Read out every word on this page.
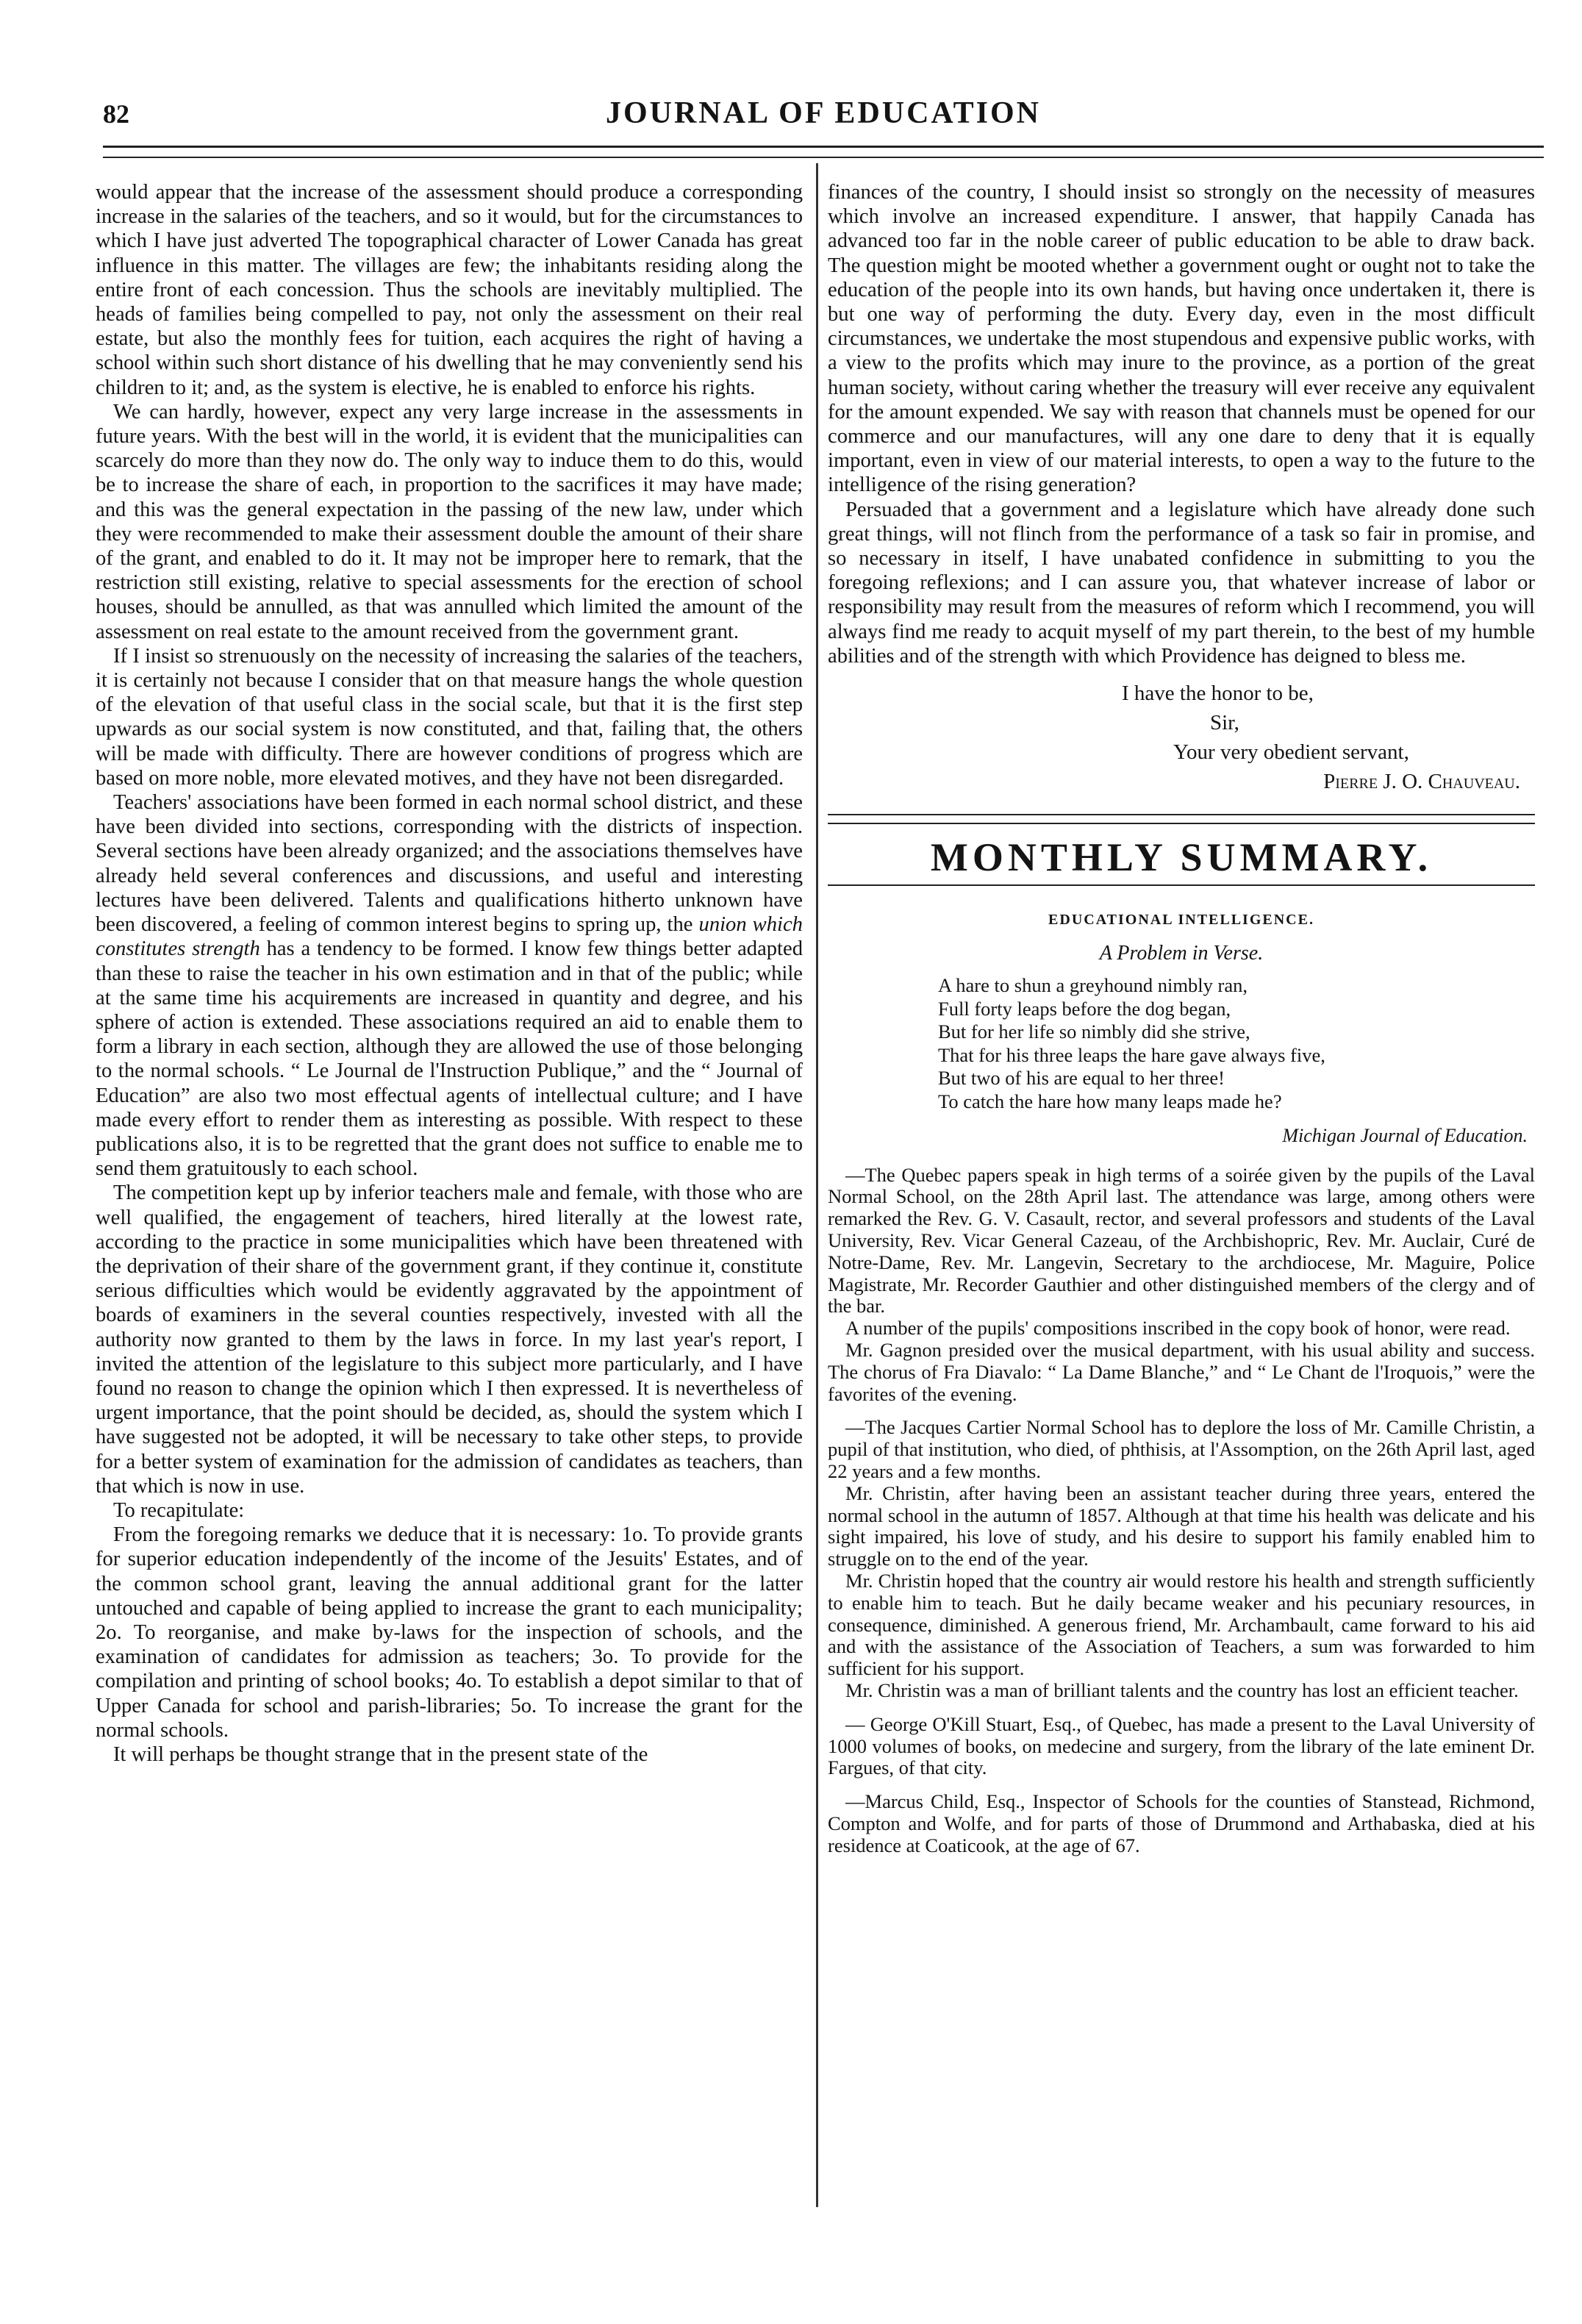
82	JOURNAL OF EDUCATION

would appear that the increase of the assessment should produce a corresponding increase in the salaries of the teachers, and so it would, but for the circumstances to which I have just adverted The topographical character of Lower Canada has great influence in this matter. The villages are few; the inhabitants residing along the entire front of each concession. Thus the schools are inevitably multiplied. The heads of families being compelled to pay, not only the assessment on their real estate, but also the monthly fees for tuition, each acquires the right of having a school within such short distance of his dwelling that he may conveniently send his children to it; and, as the system is elective, he is enabled to enforce his rights.

We can hardly, however, expect any very large increase in the assessments in future years. With the best will in the world, it is evident that the municipalities can scarcely do more than they now do. The only way to induce them to do this, would be to increase the share of each, in proportion to the sacrifices it may have made; and this was the general expectation in the passing of the new law, under which they were recommended to make their assessment double the amount of their share of the grant, and enabled to do it. It may not be improper here to remark, that the restriction still existing, relative to special assessments for the erection of school houses, should be annulled, as that was annulled which limited the amount of the assessment on real estate to the amount received from the government grant.

If I insist so strenuously on the necessity of increasing the salaries of the teachers, it is certainly not because I consider that on that measure hangs the whole question of the elevation of that useful class in the social scale, but that it is the first step upwards as our social system is now constituted, and that, failing that, the others will be made with difficulty. There are however conditions of progress which are based on more noble, more elevated motives, and they have not been disregarded.

Teachers' associations have been formed in each normal school district, and these have been divided into sections, corresponding with the districts of inspection. Several sections have been already organized; and the associations themselves have already held several conferences and discussions, and useful and interesting lectures have been delivered. Talents and qualifications hitherto unknown have been discovered, a feeling of common interest begins to spring up, the union which constitutes strength has a tendency to be formed. I know few things better adapted than these to raise the teacher in his own estimation and in that of the public; while at the same time his acquirements are increased in quantity and degree, and his sphere of action is extended. These associations required an aid to enable them to form a library in each section, although they are allowed the use of those belonging to the normal schools. “ Le Journal de l'Instruction Publique,” and the “ Journal of Education” are also two most effectual agents of intellectual culture; and I have made every effort to render them as interesting as possible. With respect to these publications also, it is to be regretted that the grant does not suffice to enable me to send them gratuitously to each school.

The competition kept up by inferior teachers male and female, with those who are well qualified, the engagement of teachers, hired literally at the lowest rate, according to the practice in some municipalities which have been threatened with the deprivation of their share of the government grant, if they continue it, constitute serious difficulties which would be evidently aggravated by the appointment of boards of examiners in the several counties respectively, invested with all the authority now granted to them by the laws in force. In my last year's report, I invited the attention of the legislature to this subject more particularly, and I have found no reason to change the opinion which I then expressed. It is nevertheless of urgent importance, that the point should be decided, as, should the system which I have suggested not be adopted, it will be necessary to take other steps, to provide for a better system of examination for the admission of candidates as teachers, than that which is now in use.

To recapitulate:

From the foregoing remarks we deduce that it is necessary: 1o. To provide grants for superior education independently of the income of the Jesuits' Estates, and of the common school grant, leaving the annual additional grant for the latter untouched and capable of being applied to increase the grant to each municipality; 2o. To reorganise, and make by-laws for the inspection of schools, and the examination of candidates for admission as teachers; 3o. To provide for the compilation and printing of school books; 4o. To establish a depot similar to that of Upper Canada for school and parish-libraries; 5o. To increase the grant for the normal schools.

It will perhaps be thought strange that in the present state of the

finances of the country, I should insist so strongly on the necessity of measures which involve an increased expenditure. I answer, that happily Canada has advanced too far in the noble career of public education to be able to draw back. The question might be mooted whether a government ought or ought not to take the education of the people into its own hands, but having once undertaken it, there is but one way of performing the duty. Every day, even in the most difficult circumstances, we undertake the most stupendous and expensive public works, with a view to the profits which may inure to the province, as a portion of the great human society, without caring whether the treasury will ever receive any equivalent for the amount expended. We say with reason that channels must be opened for our commerce and our manufactures, will any one dare to deny that it is equally important, even in view of our material interests, to open a way to the future to the intelligence of the rising generation?

Persuaded that a government and a legislature which have already done such great things, will not flinch from the performance of a task so fair in promise, and so necessary in itself, I have unabated confidence in submitting to you the foregoing reflexions; and I can assure you, that whatever increase of labor or responsibility may result from the measures of reform which I recommend, you will always find me ready to acquit myself of my part therein, to the best of my humble abilities and of the strength with which Providence has deigned to bless me.

I have the honor to be,
Sir,
Your very obedient servant,
Pierre J. O. Chauveau.
MONTHLY SUMMARY.
EDUCATIONAL INTELLIGENCE.
A Problem in Verse.
A hare to shun a greyhound nimbly ran,
Full forty leaps before the dog began,
But for her life so nimbly did she strive,
That for his three leaps the hare gave always five,
But two of his are equal to her three!
To catch the hare how many leaps made he?
Michigan Journal of Education.

—The Quebec papers speak in high terms of a soirée given by the pupils of the Laval Normal School, on the 28th April last. The attendance was large, among others were remarked the Rev. G. V. Casault, rector, and several professors and students of the Laval University, Rev. Vicar General Cazeau, of the Archbishopric, Rev. Mr. Auclair, Curé de Notre-Dame, Rev. Mr. Langevin, Secretary to the archdiocese, Mr. Maguire, Police Magistrate, Mr. Recorder Gauthier and other distinguished members of the clergy and of the bar.

A number of the pupils' compositions inscribed in the copy book of honor, were read.

Mr. Gagnon presided over the musical department, with his usual ability and success. The chorus of Fra Diavalo: “ La Dame Blanche,” and “ Le Chant de l'Iroquois,” were the favorites of the evening.

—The Jacques Cartier Normal School has to deplore the loss of Mr. Camille Christin, a pupil of that institution, who died, of phthisis, at l'Assomption, on the 26th April last, aged 22 years and a few months.

Mr. Christin, after having been an assistant teacher during three years, entered the normal school in the autumn of 1857. Although at that time his health was delicate and his sight impaired, his love of study, and his desire to support his family enabled him to struggle on to the end of the year.

Mr. Christin hoped that the country air would restore his health and strength sufficiently to enable him to teach. But he daily became weaker and his pecuniary resources, in consequence, diminished. A generous friend, Mr. Archambault, came forward to his aid and with the assistance of the Association of Teachers, a sum was forwarded to him sufficient for his support.

Mr. Christin was a man of brilliant talents and the country has lost an efficient teacher.

— George O'Kill Stuart, Esq., of Quebec, has made a present to the Laval University of 1000 volumes of books, on medecine and surgery, from the library of the late eminent Dr. Fargues, of that city.

—Marcus Child, Esq., Inspector of Schools for the counties of Stanstead, Richmond, Compton and Wolfe, and for parts of those of Drummond and Arthabaska, died at his residence at Coaticook, at the age of 67.
